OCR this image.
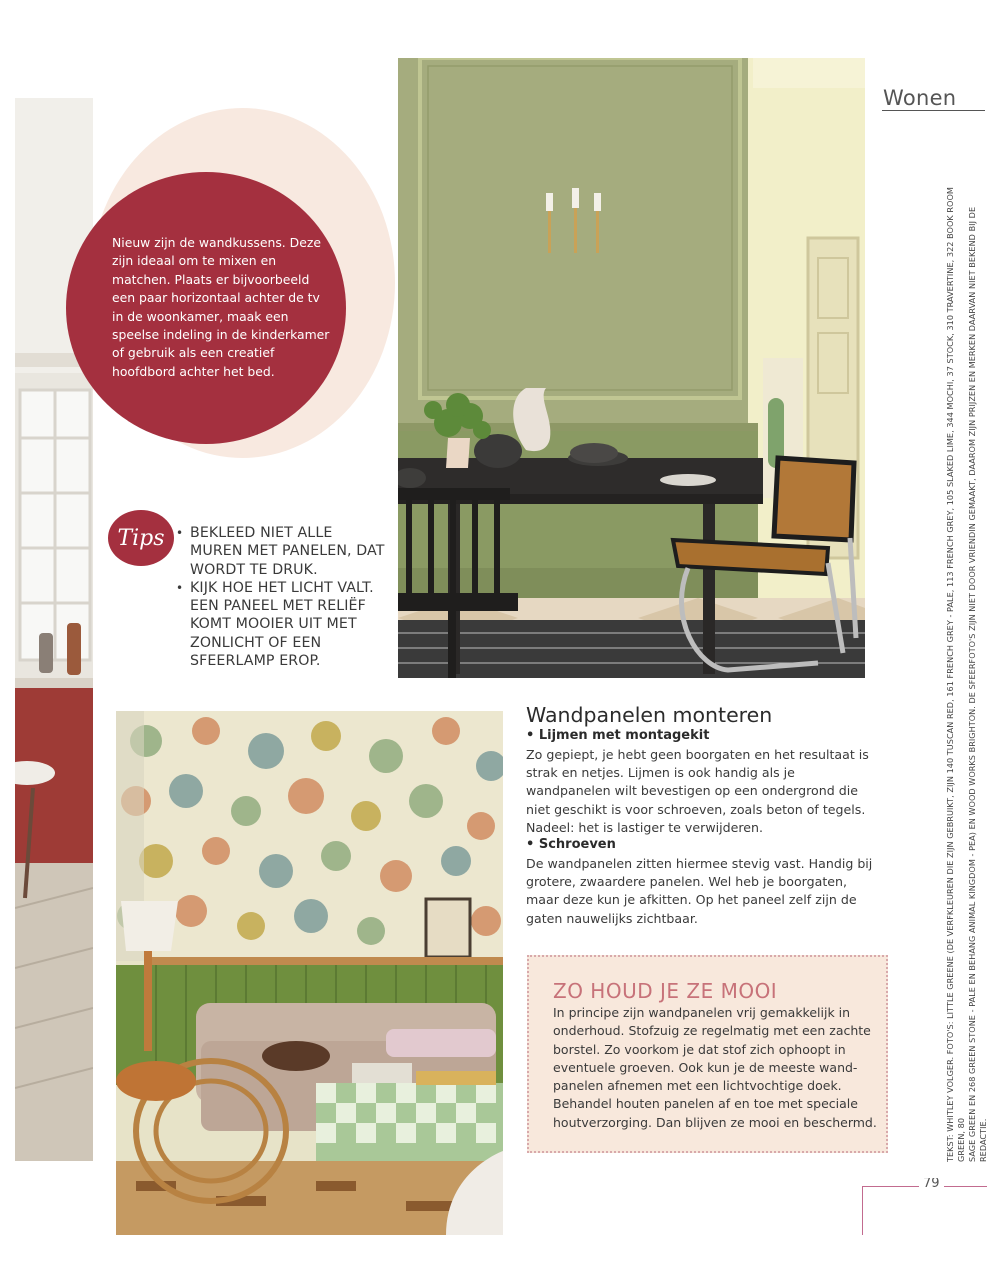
Nieuw zijn de wandkussens. Deze zijn ideaal om te mixen en matchen. Plaats er bijvoorbeeld een paar horizontaal achter de tv in de woonkamer, maak een speelse indeling in de kinderkamer of gebruik als een creatief hoofdbord achter het bed.

Tips
•	BEKLEED NIET ALLE MUREN MET PANELEN, DAT WORDT TE DRUK.
• KIJK HOE HET LICHT VALT. EEN PANEEL MET RELIËF KOMT MOOIER UIT MET ZONLICHT OF EEN SFEERLAMP EROP.
Wonen
TEKST: WHITLEY VOLGER. FOTO'S: LITTLE GREENE (DE VERFKLEUREN DIE ZIJN GEBRUIKT, ZIJN 140 TUSCAN RED, 161 FRENCH GREY - PALE, 113 FRENCH GREY, 105 SLAKED LIME, 344 MOCHI, 37 STOCK, 310 TRAVERTINE, 322 BOOK ROOM GREEN, 80 SAGE GREEN EN 268 GREEN STONE - PALE EN BEHANG ANIMAL KINGDOM - PEA) EN WOOD WORKS BRIGHTON. DE SFEERFOTO'S ZIJN NIET DOOR VRIENDIN GEMAAKT, DAAROM ZIJN PRIJZEN EN MERKEN DAARVAN NIET BEKEND BIJ DE REDACTIE.
Wandpanelen monteren

• Lijmen met montagekit

Zo gepiept, je hebt geen boorgaten en het resultaat is strak en netjes. Lijmen is ook handig als je wandpanelen wilt bevestigen op een ondergrond die niet geschikt is voor schroeven, zoals beton of tegels. Nadeel: het is lastiger te verwijderen.

• Schroeven

De wandpanelen zitten hiermee stevig vast. Handig bij grotere, zwaardere panelen. Wel heb je boorgaten, maar deze kun je afkitten. Op het paneel zelf zijn de gaten nauwelijks zichtbaar.

ZO HOUD JE ZE MOOI

In principe zijn wandpanelen vrij gemakkelijk in onderhoud. Stofzuig ze regelmatig met een zachte borstel. Zo voorkom je dat stof zich ophoopt in eventuele groeven. Ook kun je de meeste wand-panelen afnemen met een lichtvochtige doek. Behandel houten panelen af en toe met speciale houtverzorging. Dan blijven ze mooi en beschermd.

79
